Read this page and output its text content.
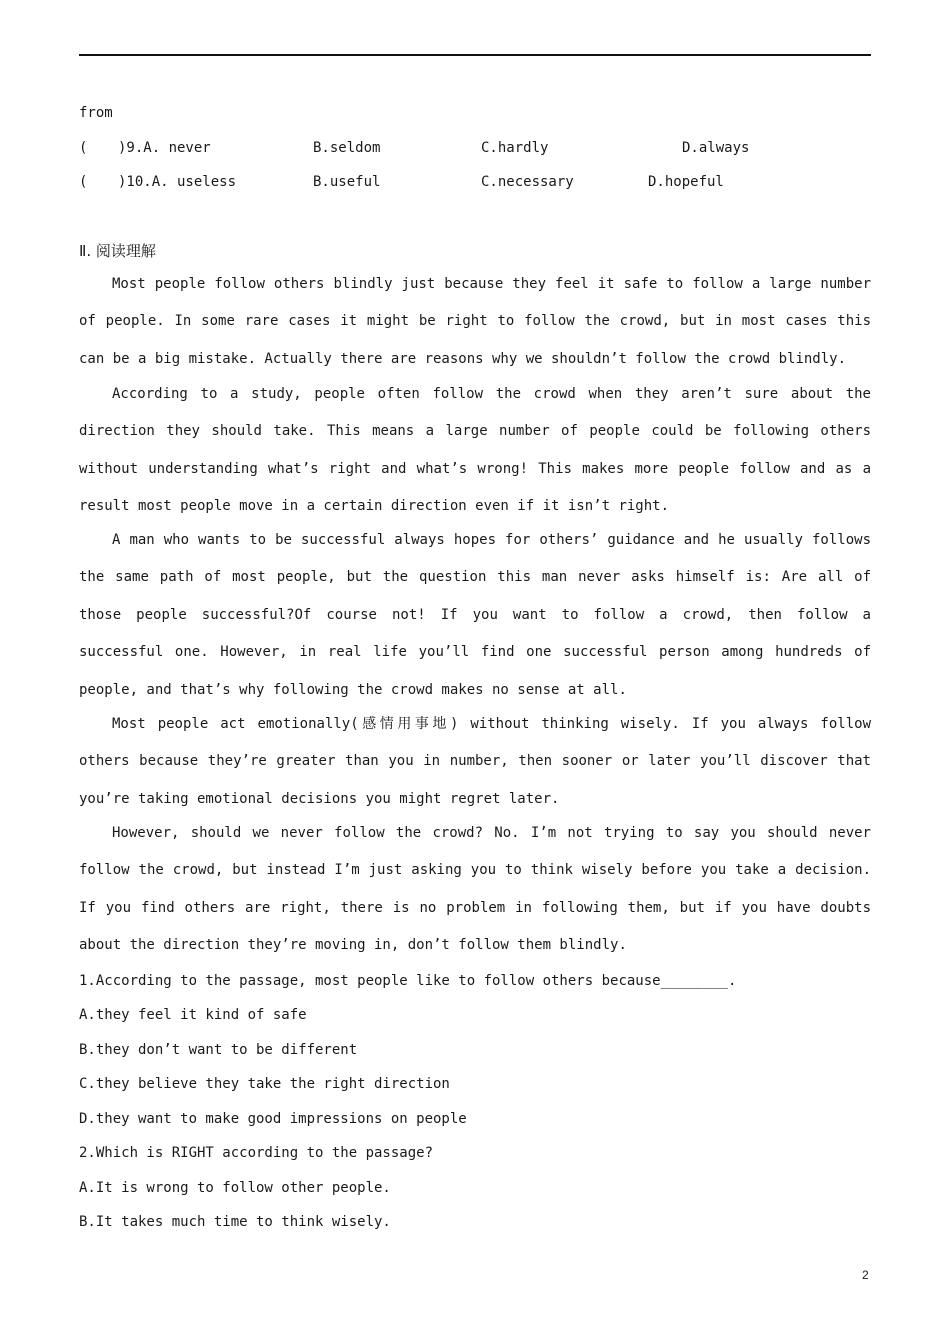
from
( )9.A. never	B.seldom	C.hardly	D.always
( )10.A. useless	B.useful	C.necessary	D.hopeful
Ⅱ. 阅读理解

Most people follow others blindly just because they feel it safe to follow a large number of people. In some rare cases it might be right to follow the crowd, but in most cases this can be a big mistake. Actually there are reasons why we shouldn’t follow the crowd blindly.

According to a study, people often follow the crowd when they aren’t sure about the direction they should take. This means a large number of people could be following others without understanding what’s right and what’s wrong! This makes more people follow and as a result most people move in a certain direction even if it isn’t right.

A man who wants to be successful always hopes for others’ guidance and he usually follows the same path of most people, but the question this man never asks himself is: Are all of those people successful?Of course not! If you want to follow a crowd, then follow a successful one. However, in real life you’ll find one successful person among hundreds of people, and that’s why following the crowd makes no sense at all.

Most people act emotionally(感情用事地) without thinking wisely. If you always follow others because they’re greater than you in number, then sooner or later you’ll discover that you’re taking emotional decisions you might regret later.

However, should we never follow the crowd? No. I’m not trying to say you should never follow the crowd, but instead I’m just asking you to think wisely before you take a decision. If you find others are right, there is no problem in following them, but if you have doubts about the direction they’re moving in, don’t follow them blindly.

1.According to the passage, most people like to follow others because________.
A.they feel it kind of safe
B.they don’t want to be different
C.they believe they take the right direction
D.they want to make good impressions on people
2.Which is RIGHT according to the passage?
A.It is wrong to follow other people.
B.It takes much time to think wisely.
2
